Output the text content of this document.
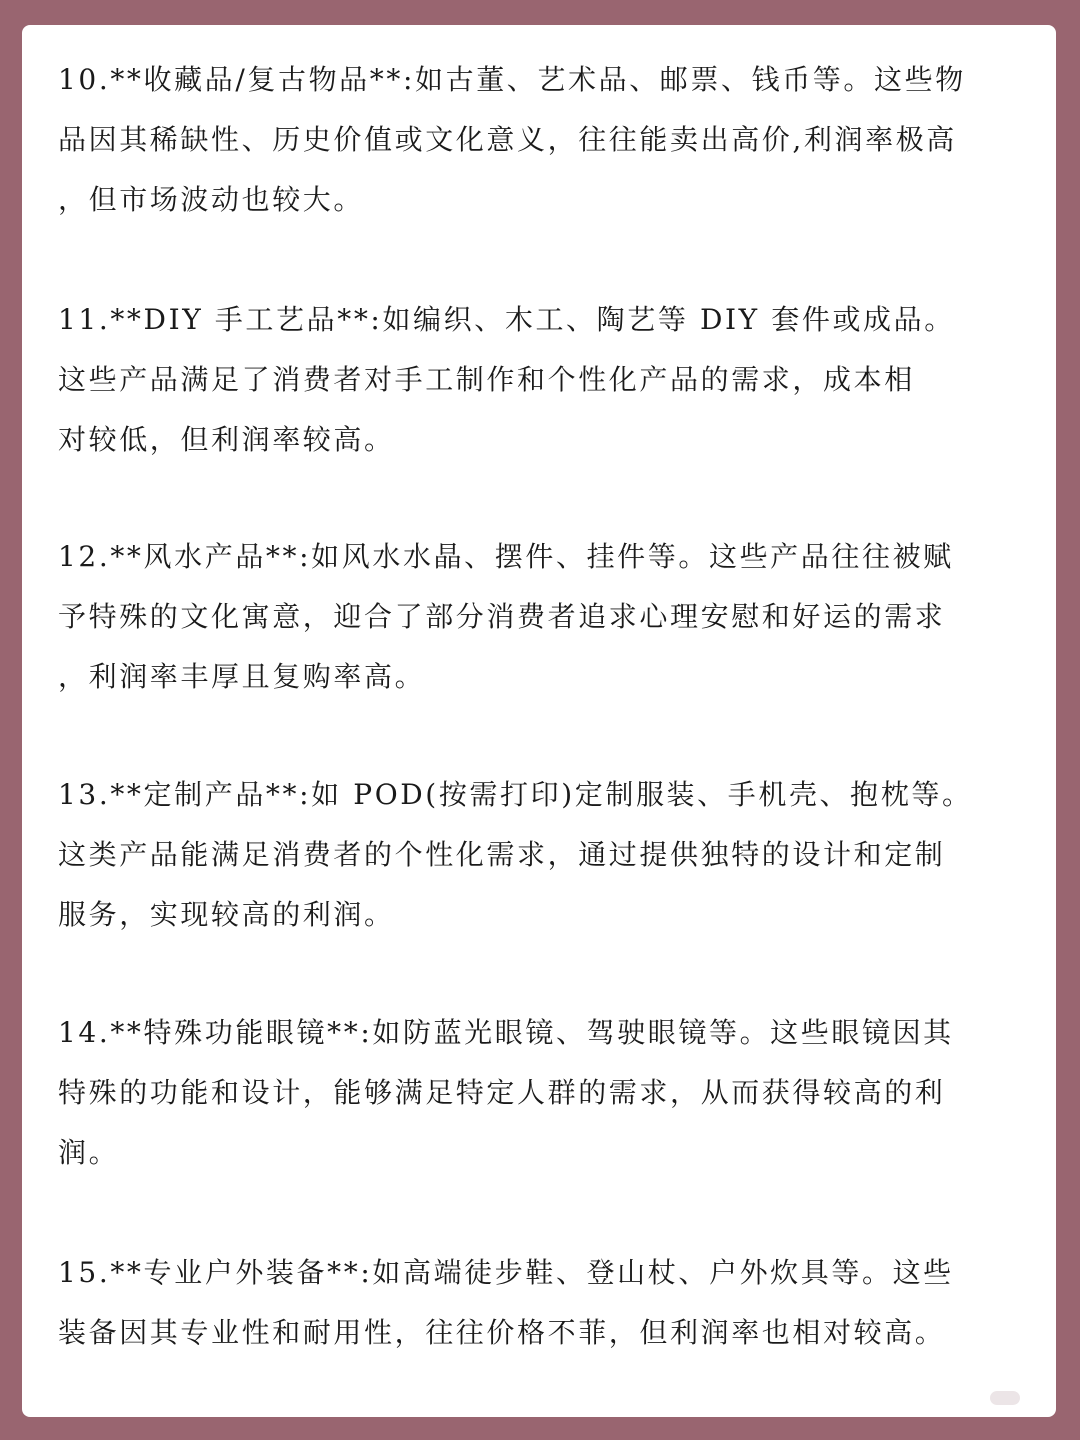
10.**收藏品/复古物品**:如古董、艺术品、邮票、钱币等。这些物
品因其稀缺性、历史价值或文化意义，往往能卖出高价,利润率极高
，但市场波动也较大。

11.**DIY 手工艺品**:如编织、木工、陶艺等 DIY 套件或成品。
这些产品满足了消费者对手工制作和个性化产品的需求，成本相
对较低，但利润率较高。

12.**风水产品**:如风水水晶、摆件、挂件等。这些产品往往被赋
予特殊的文化寓意，迎合了部分消费者追求心理安慰和好运的需求
，利润率丰厚且复购率高。

13.**定制产品**:如 POD(按需打印)定制服装、手机壳、抱枕等。
这类产品能满足消费者的个性化需求，通过提供独特的设计和定制
服务，实现较高的利润。

14.**特殊功能眼镜**:如防蓝光眼镜、驾驶眼镜等。这些眼镜因其
特殊的功能和设计，能够满足特定人群的需求，从而获得较高的利
润。

15.**专业户外装备**:如高端徒步鞋、登山杖、户外炊具等。这些
装备因其专业性和耐用性，往往价格不菲，但利润率也相对较高。
